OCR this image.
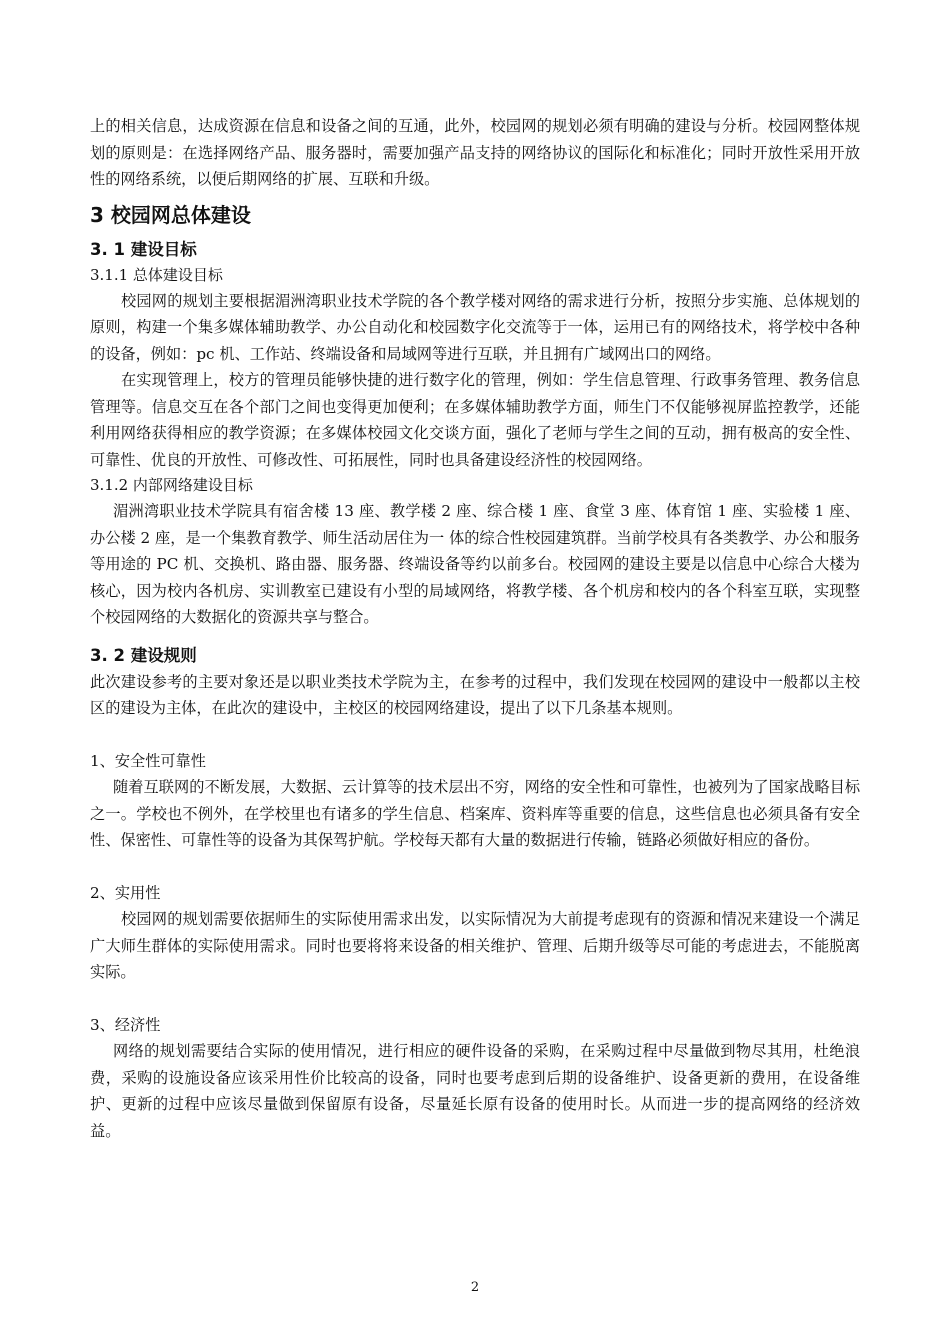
上的相关信息，达成资源在信息和设备之间的互通，此外，校园网的规划必须有明确的建设与分析。校园网整体规划的原则是：在选择网络产品、服务器时，需要加强产品支持的网络协议的国际化和标准化；同时开放性采用开放性的网络系统，以便后期网络的扩展、互联和升级。

3 校园网总体建设
3. 1 建设目标

3.1.1 总体建设目标

校园网的规划主要根据湄洲湾职业技术学院的各个教学楼对网络的需求进行分析，按照分步实施、总体规划的原则，构建一个集多媒体辅助教学、办公自动化和校园数字化交流等于一体，运用已有的网络技术，将学校中各种的设备，例如：pc 机、工作站、终端设备和局域网等进行互联，并且拥有广域网出口的网络。

在实现管理上，校方的管理员能够快捷的进行数字化的管理，例如：学生信息管理、行政事务管理、教务信息管理等。信息交互在各个部门之间也变得更加便利；在多媒体辅助教学方面，师生门不仅能够视屏监控教学，还能利用网络获得相应的教学资源；在多媒体校园文化交谈方面，强化了老师与学生之间的互动，拥有极高的安全性、可靠性、优良的开放性、可修改性、可拓展性，同时也具备建设经济性的校园网络。

3.1.2 内部网络建设目标

湄洲湾职业技术学院具有宿舍楼 13 座、教学楼 2 座、综合楼 1 座、食堂 3 座、体育馆 1 座、实验楼 1 座、办公楼 2 座，是一个集教育教学、师生活动居住为一 体的综合性校园建筑群。当前学校具有各类教学、办公和服务等用途的 PC 机、交换机、路由器、服务器、终端设备等约以前多台。校园网的建设主要是以信息中心综合大楼为核心，因为校内各机房、实训教室已建设有小型的局域网络，将教学楼、各个机房和校内的各个科室互联，实现整个校园网络的大数据化的资源共享与整合。

3. 2 建设规则

此次建设参考的主要对象还是以职业类技术学院为主，在参考的过程中，我们发现在校园网的建设中一般都以主校区的建设为主体，在此次的建设中，主校区的校园网络建设，提出了以下几条基本规则。

1、安全性可靠性

随着互联网的不断发展，大数据、云计算等的技术层出不穷，网络的安全性和可靠性，也被列为了国家战略目标之一。学校也不例外，在学校里也有诸多的学生信息、档案库、资料库等重要的信息，这些信息也必须具备有安全性、保密性、可靠性等的设备为其保驾护航。学校每天都有大量的数据进行传输，链路必须做好相应的备份。

2、实用性

校园网的规划需要依据师生的实际使用需求出发，以实际情况为大前提考虑现有的资源和情况来建设一个满足广大师生群体的实际使用需求。同时也要将将来设备的相关维护、管理、后期升级等尽可能的考虑进去，不能脱离实际。

3、经济性

网络的规划需要结合实际的使用情况，进行相应的硬件设备的采购，在采购过程中尽量做到物尽其用，杜绝浪费，采购的设施设备应该采用性价比较高的设备，同时也要考虑到后期的设备维护、设备更新的费用，在设备维护、更新的过程中应该尽量做到保留原有设备，尽量延长原有设备的使用时长。从而进一步的提高网络的经济效益。

2
